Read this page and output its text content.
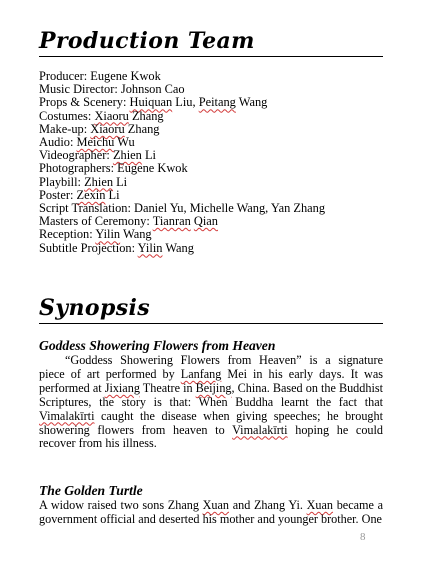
Production Team
Producer: Eugene Kwok
Music Director: Johnson Cao
Props & Scenery: Huiquan Liu, Peitang Wang
Costumes: Xiaoru Zhang
Make-up: Xiaoru Zhang
Audio: Meichu Wu
Videographer: Zhien Li
Photographers: Eugene Kwok
Playbill: Zhien Li
Poster: Zexin Li
Script Translation: Daniel Yu, Michelle Wang, Yan Zhang
Masters of Ceremony: Tianran Qian
Reception: Yilin Wang
Subtitle Projection: Yilin Wang
Synopsis
Goddess Showering Flowers from Heaven

“Goddess Showering Flowers from Heaven” is a signature
piece of art performed by Lanfang Mei in his early days. It was
performed at Jixiang Theatre in Beijing, China. Based on the Buddhist
Scriptures, the story is that: When Buddha learnt the fact that
Vimalakīrti caught the disease when giving speeches; he brought
showering flowers from heaven to Vimalakīrti hoping he could
recover from his illness.

The Golden Turtle

A widow raised two sons Zhang Xuan and Zhang Yi. Xuan became a
government official and deserted his mother and younger brother. One

8
